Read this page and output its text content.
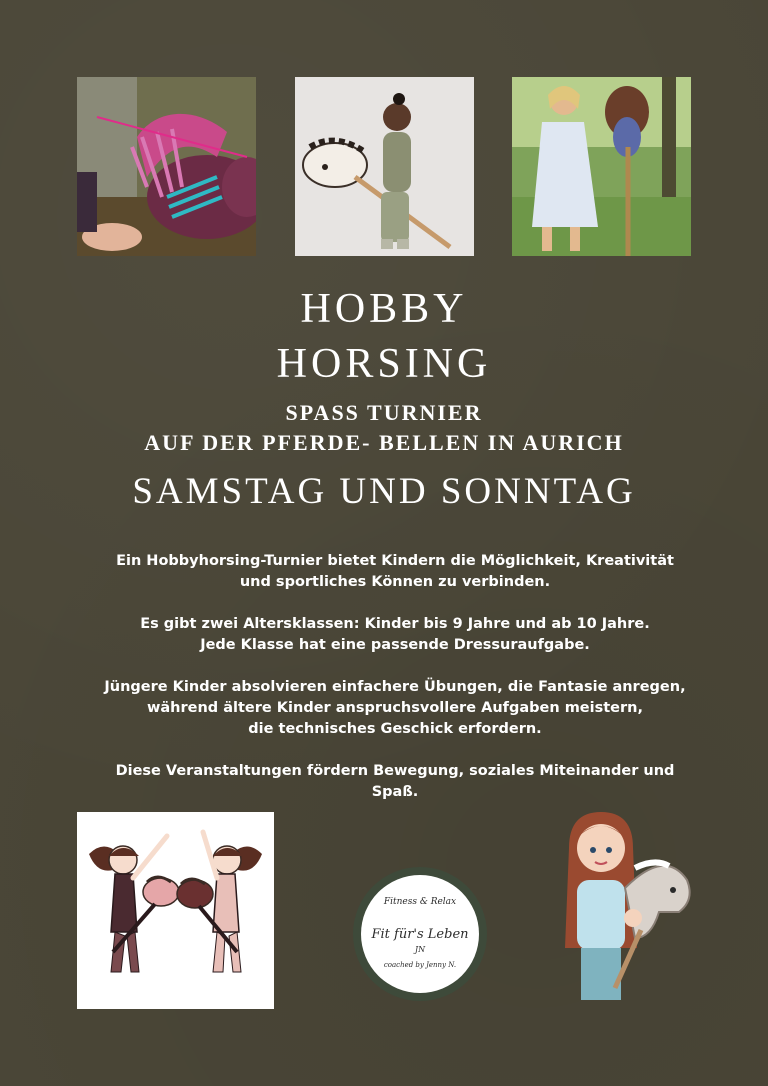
HOBBY
HORSING
SPASS TURNIER
AUF DER PFERDE- BELLEN IN AURICH
SAMSTAG UND SONNTAG

Ein Hobbyhorsing-Turnier bietet Kindern die Möglichkeit, Kreativität
und sportliches Können zu verbinden.

Es gibt zwei Altersklassen: Kinder bis 9 Jahre und ab 10 Jahre.
Jede Klasse hat eine passende Dressuraufgabe.

Jüngere Kinder absolvieren einfachere Übungen, die Fantasie anregen,
während ältere Kinder anspruchsvollere Aufgaben meistern,
die technisches Geschick erfordern.

Diese Veranstaltungen fördern Bewegung, soziales Miteinander und Spaß.

Fitness & Relax
Fit für's Leben
JN
coached by Jenny N.
